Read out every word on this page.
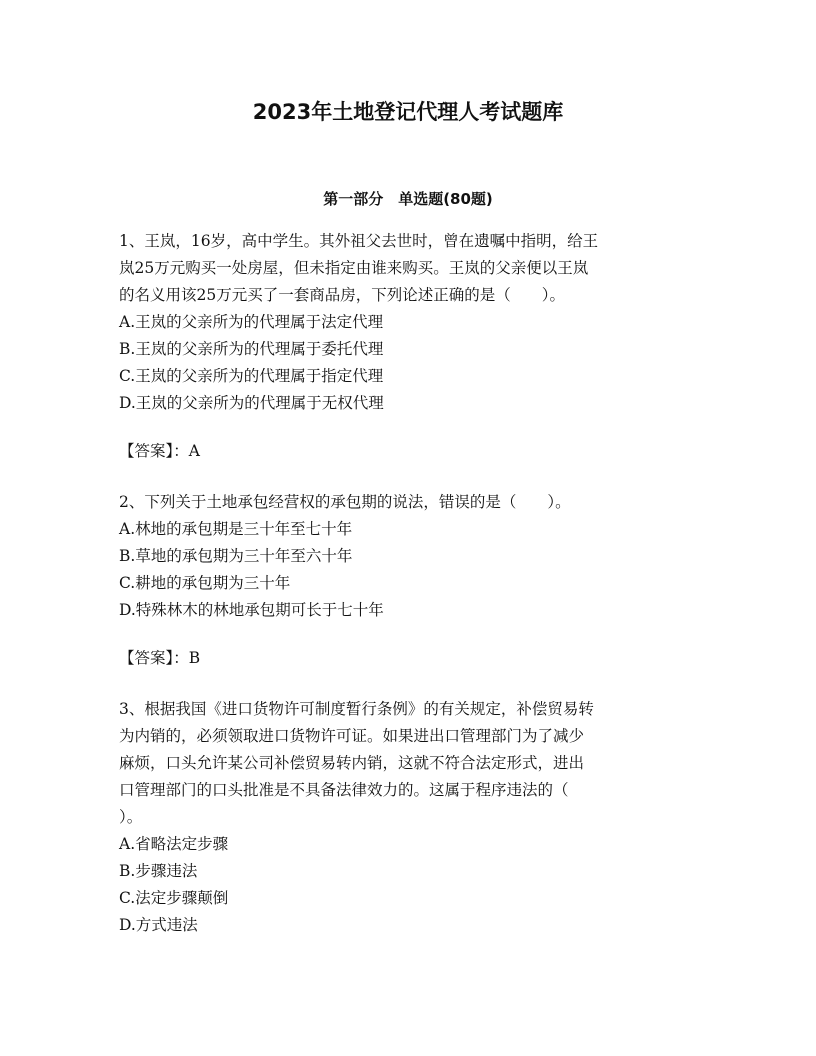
2023年土地登记代理人考试题库
第一部分　单选题(80题)

1、王岚，16岁，高中学生。其外祖父去世时，曾在遗嘱中指明，给王

岚25万元购买一处房屋，但未指定由谁来购买。王岚的父亲便以王岚

的名义用该25万元买了一套商品房，下列论述正确的是（　　）。

A.王岚的父亲所为的代理属于法定代理

B.王岚的父亲所为的代理属于委托代理

C.王岚的父亲所为的代理属于指定代理

D.王岚的父亲所为的代理属于无权代理

【答案】：A

2、下列关于土地承包经营权的承包期的说法，错误的是（　　）。

A.林地的承包期是三十年至七十年

B.草地的承包期为三十年至六十年

C.耕地的承包期为三十年

D.特殊林木的林地承包期可长于七十年

【答案】：B

3、根据我国《进口货物许可制度暂行条例》的有关规定，补偿贸易转

为内销的，必须领取进口货物许可证。如果进出口管理部门为了减少

麻烦，口头允许某公司补偿贸易转内销，这就不符合法定形式，进出

口管理部门的口头批准是不具备法律效力的。这属于程序违法的（

）。

A.省略法定步骤

B.步骤违法

C.法定步骤颠倒

D.方式违法
